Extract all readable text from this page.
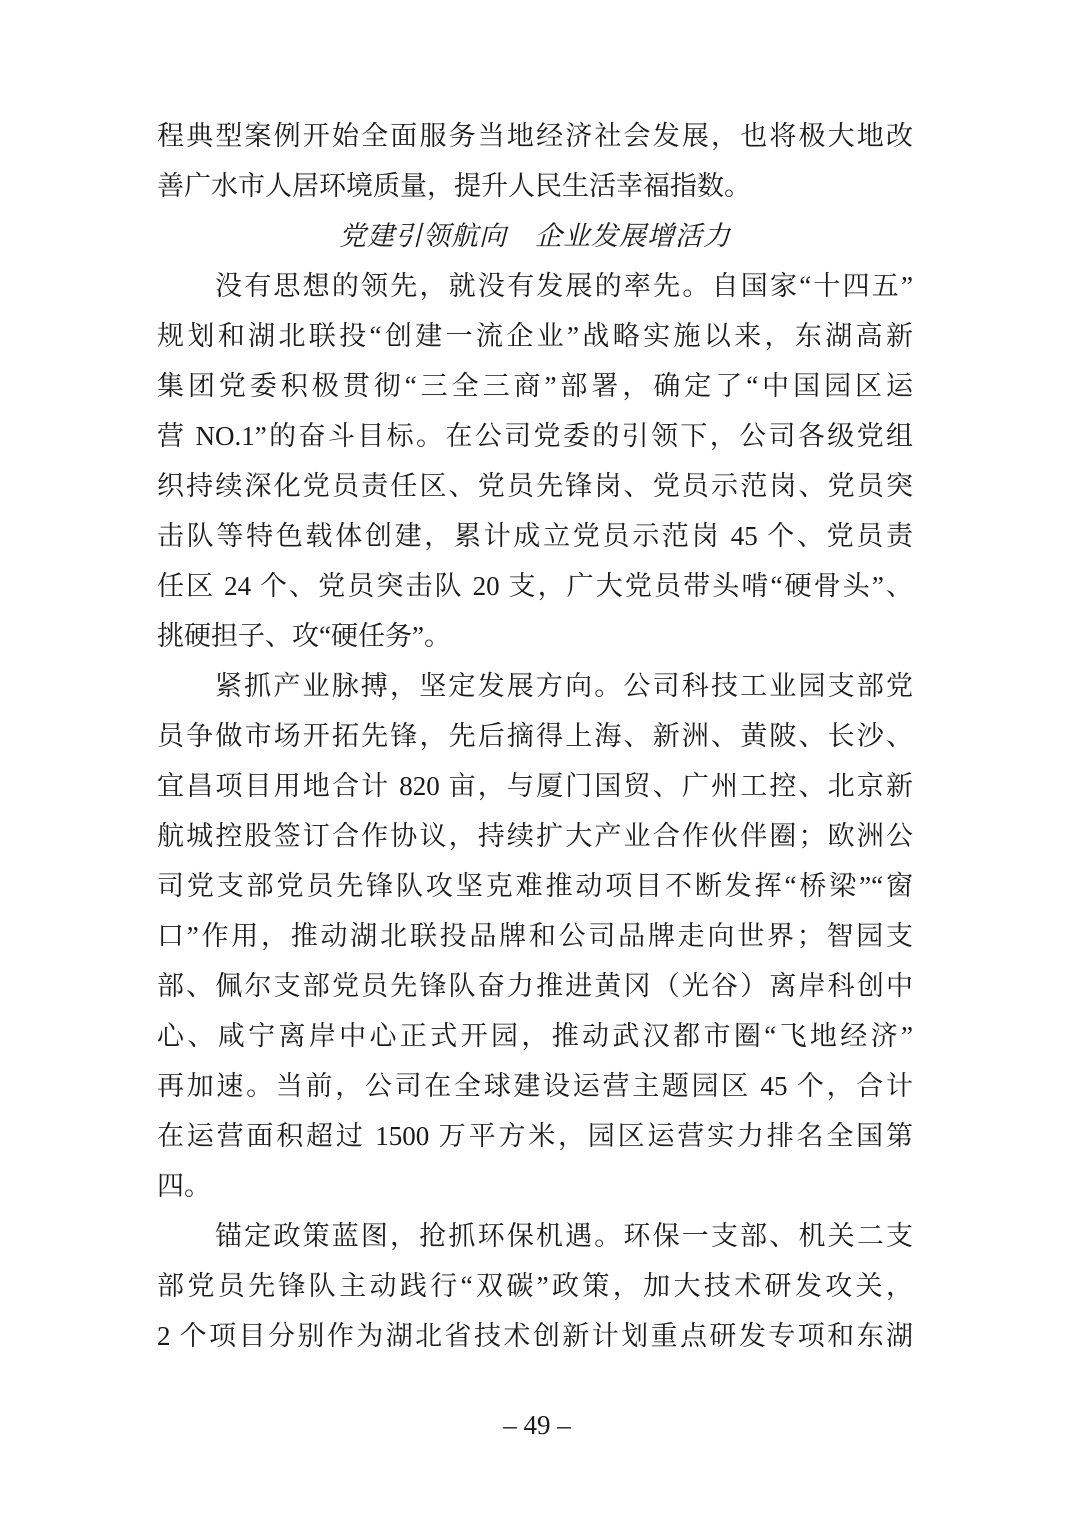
程典型案例开始全面服务当地经济社会发展，也将极大地改
善广水市人居环境质量，提升人民生活幸福指数。
党建引领航向　企业发展增活力
没有思想的领先，就没有发展的率先。自国家“十四五”
规划和湖北联投“创建一流企业”战略实施以来，东湖高新
集团党委积极贯彻“三全三商”部署，确定了“中国园区运
营 NO.1”的奋斗目标。在公司党委的引领下，公司各级党组
织持续深化党员责任区、党员先锋岗、党员示范岗、党员突
击队等特色载体创建，累计成立党员示范岗 45 个、党员责
任区 24 个、党员突击队 20 支，广大党员带头啃“硬骨头”、
挑硬担子、攻“硬任务”。
紧抓产业脉搏，坚定发展方向。公司科技工业园支部党
员争做市场开拓先锋，先后摘得上海、新洲、黄陂、长沙、
宜昌项目用地合计 820 亩，与厦门国贸、广州工控、北京新
航城控股签订合作协议，持续扩大产业合作伙伴圈；欧洲公
司党支部党员先锋队攻坚克难推动项目不断发挥“桥梁”“窗
口”作用，推动湖北联投品牌和公司品牌走向世界；智园支
部、佩尔支部党员先锋队奋力推进黄冈（光谷）离岸科创中
心、咸宁离岸中心正式开园，推动武汉都市圈“飞地经济”
再加速。当前，公司在全球建设运营主题园区 45 个，合计
在运营面积超过 1500 万平方米，园区运营实力排名全国第
四。
锚定政策蓝图，抢抓环保机遇。环保一支部、机关二支
部党员先锋队主动践行“双碳”政策，加大技术研发攻关，
2 个项目分别作为湖北省技术创新计划重点研发专项和东湖
– 49 –
